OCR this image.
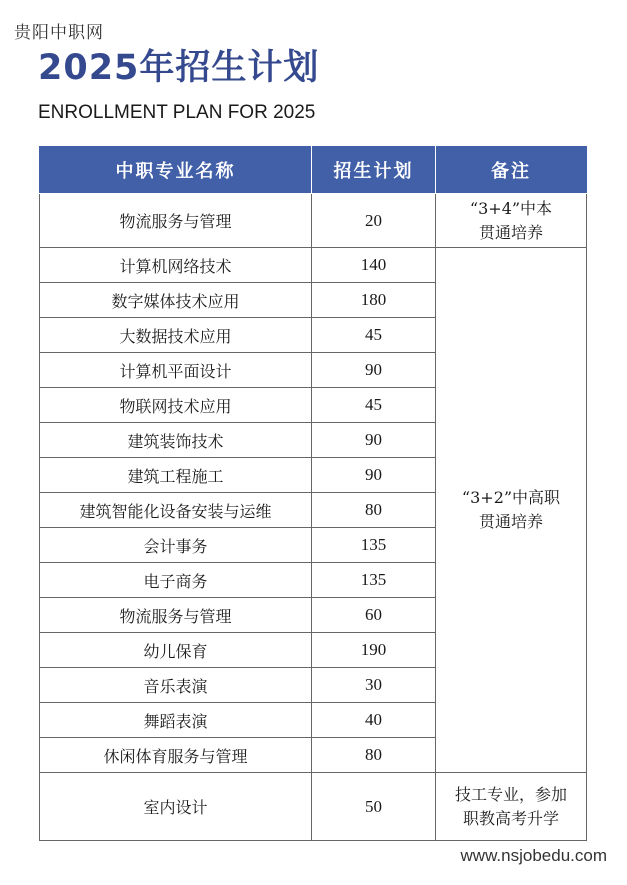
贵阳中职网
2025年招生计划
ENROLLMENT PLAN FOR 2025
中职专业名称	招生计划	备注
物流服务与管理	20	“3+4”中本
贯通培养

计算机网络技术	140	“3+2”中高职
贯通培养

数字媒体技术应用	180	
大数据技术应用	45	
计算机平面设计	90	
物联网技术应用	45	
建筑装饰技术	90	
建筑工程施工	90	
建筑智能化设备安装与运维	80	
会计事务	135	
电子商务	135	
物流服务与管理	60	
幼儿保育	190	
音乐表演	30	
舞蹈表演	40	
休闲体育服务与管理	80	
室内设计	50	技工专业，参加
职教高考升学
www.nsjobedu.com
